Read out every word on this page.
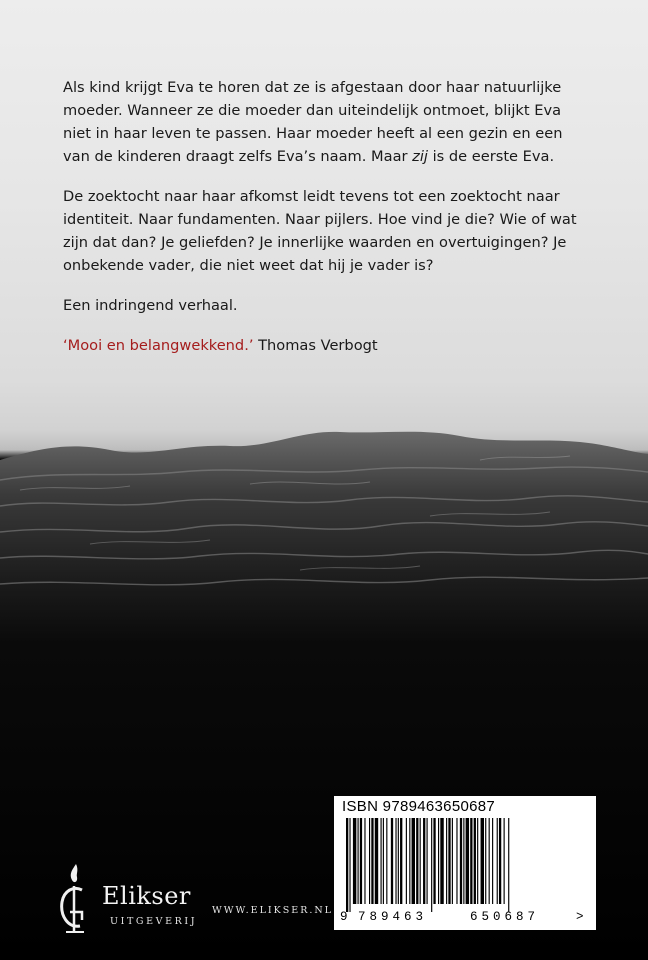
Als kind krijgt Eva te horen dat ze is afgestaan door haar natuurlijke moeder. Wanneer ze die moeder dan uiteindelijk ontmoet, blijkt Eva niet in haar leven te passen. Haar moeder heeft al een gezin en een van de kinderen draagt zelfs Eva’s naam. Maar zij is de eerste Eva.

De zoektocht naar haar afkomst leidt tevens tot een zoektocht naar identiteit. Naar fundamenten. Naar pijlers. Hoe vind je die? Wie of wat zijn dat dan? Je geliefden? Je innerlijke waarden en overtuigingen? Je onbekende vader, die niet weet dat hij je vader is?

Een indringend verhaal.

‘Mooi en belangwekkend.’ Thomas Verbogt

ISBN 9789463650687
9 789463	650687	>
Elikser
UITGEVERIJ
WWW.ELIKSER.NL
